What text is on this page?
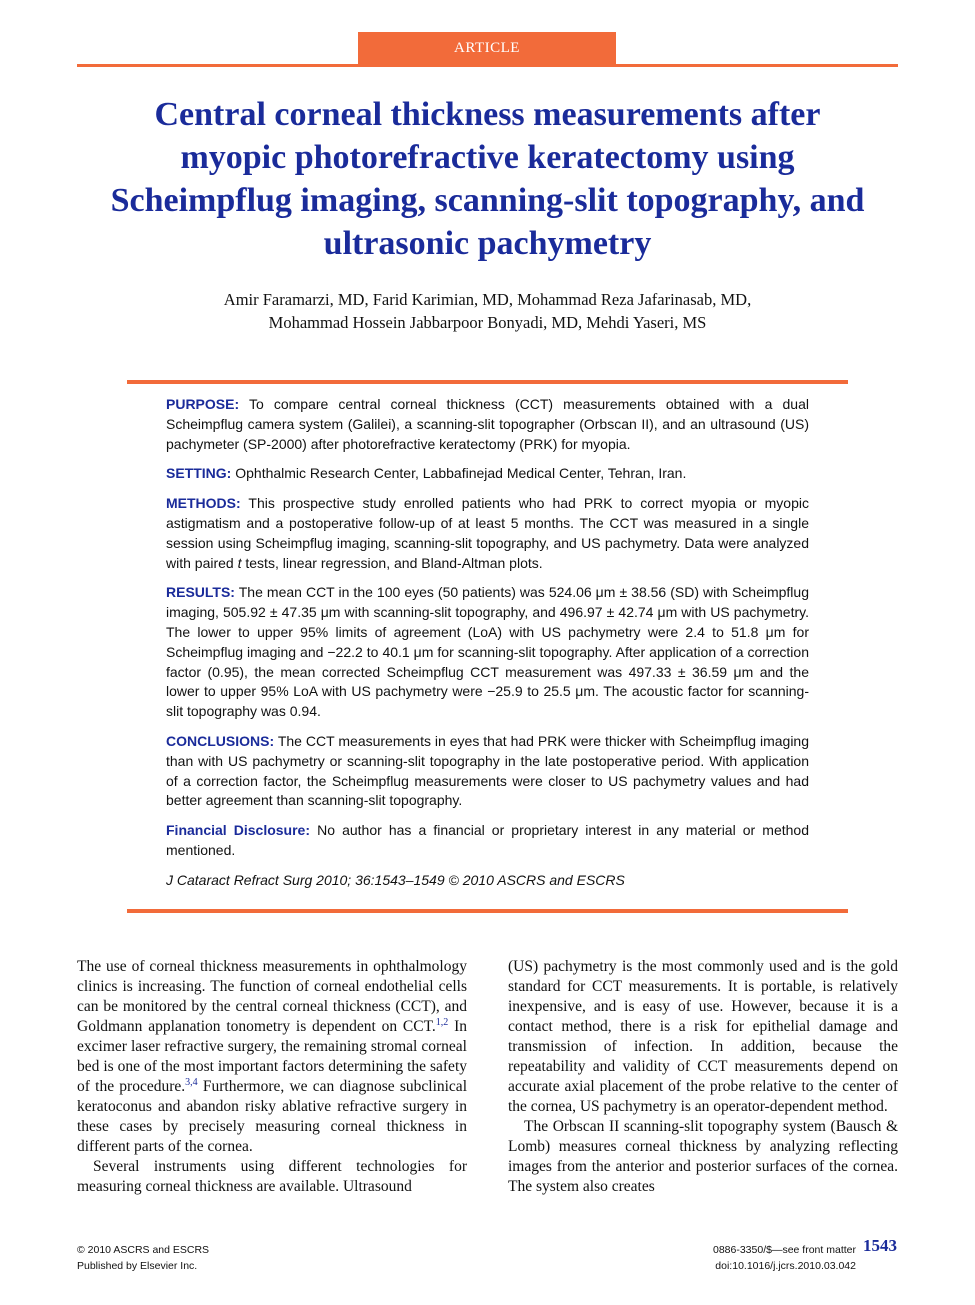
ARTICLE
Central corneal thickness measurements after myopic photorefractive keratectomy using Scheimpflug imaging, scanning-slit topography, and ultrasonic pachymetry
Amir Faramarzi, MD, Farid Karimian, MD, Mohammad Reza Jafarinasab, MD,
Mohammad Hossein Jabbarpoor Bonyadi, MD, Mehdi Yaseri, MS

PURPOSE: To compare central corneal thickness (CCT) measurements obtained with a dual Scheimpflug camera system (Galilei), a scanning-slit topographer (Orbscan II), and an ultrasound (US) pachymeter (SP-2000) after photorefractive keratectomy (PRK) for myopia.

SETTING: Ophthalmic Research Center, Labbafinejad Medical Center, Tehran, Iran.

METHODS: This prospective study enrolled patients who had PRK to correct myopia or myopic astigmatism and a postoperative follow-up of at least 5 months. The CCT was measured in a single session using Scheimpflug imaging, scanning-slit topography, and US pachymetry. Data were analyzed with paired t tests, linear regression, and Bland-Altman plots.

RESULTS: The mean CCT in the 100 eyes (50 patients) was 524.06 μm ± 38.56 (SD) with Scheimpflug imaging, 505.92 ± 47.35 μm with scanning-slit topography, and 496.97 ± 42.74 μm with US pachymetry. The lower to upper 95% limits of agreement (LoA) with US pachymetry were 2.4 to 51.8 μm for Scheimpflug imaging and −22.2 to 40.1 μm for scanning-slit topography. After application of a correction factor (0.95), the mean corrected Scheimpflug CCT measurement was 497.33 ± 36.59 μm and the lower to upper 95% LoA with US pachymetry were −25.9 to 25.5 μm. The acoustic factor for scanning-slit topography was 0.94.

CONCLUSIONS: The CCT measurements in eyes that had PRK were thicker with Scheimpflug imaging than with US pachymetry or scanning-slit topography in the late postoperative period. With application of a correction factor, the Scheimpflug measurements were closer to US pachymetry values and had better agreement than scanning-slit topography.

Financial Disclosure: No author has a financial or proprietary interest in any material or method mentioned.

J Cataract Refract Surg 2010; 36:1543–1549 © 2010 ASCRS and ESCRS

The use of corneal thickness measurements in ophthalmology clinics is increasing. The function of corneal endothelial cells can be monitored by the central corneal thickness (CCT), and Goldmann applanation tonometry is dependent on CCT.$^{1,2}$ In excimer laser refractive surgery, the remaining stromal corneal bed is one of the most important factors determining the safety of the procedure.$^{3,4}$ Furthermore, we can diagnose subclinical keratoconus and abandon risky ablative refractive surgery in these cases by precisely measuring corneal thickness in different parts of the cornea.

Several instruments using different technologies for measuring corneal thickness are available. Ultrasound

(US) pachymetry is the most commonly used and is the gold standard for CCT measurements. It is portable, is relatively inexpensive, and is easy of use. However, because it is a contact method, there is a risk for epithelial damage and transmission of infection. In addition, because the repeatability and validity of CCT measurements depend on accurate axial placement of the probe relative to the center of the cornea, US pachymetry is an operator-dependent method.

The Orbscan II scanning-slit topography system (Bausch & Lomb) measures corneal thickness by analyzing reflecting images from the anterior and posterior surfaces of the cornea. The system also creates

© 2010 ASCRS and ESCRS
Published by Elsevier Inc.
0886-3350/$—see front matter
doi:10.1016/j.jcrs.2010.03.042
1543
